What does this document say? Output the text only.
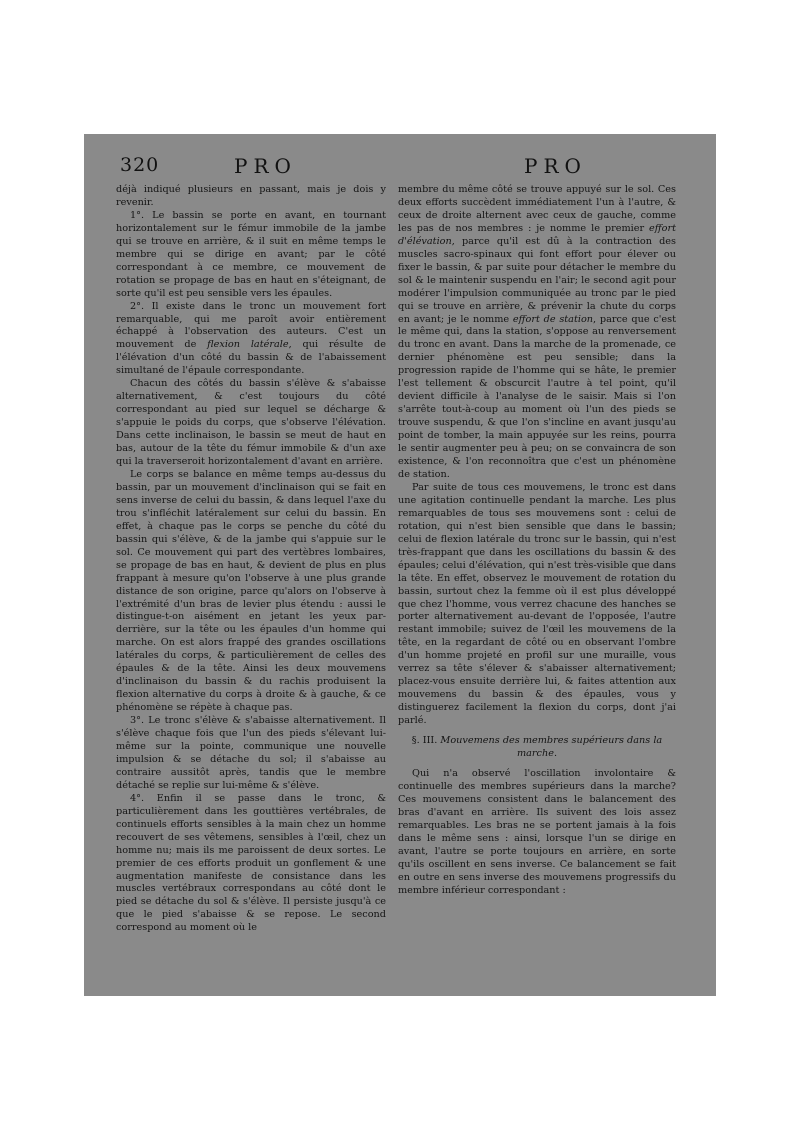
320	PRO	PRO

déjà indiqué plusieurs en passant, mais je dois y revenir.

1°. Le bassin se porte en avant, en tournant horizontalement sur le fémur immobile de la jambe qui se trouve en arrière, & il suit en même temps le membre qui se dirige en avant; par le côté correspondant à ce membre, ce mouvement de rotation se propage de bas en haut en s'éteignant, de sorte qu'il est peu sensible vers les épaules.

2°. Il existe dans le tronc un mouvement fort remarquable, qui me paroît avoir entièrement échappé à l'observation des auteurs. C'est un mouvement de flexion latérale, qui résulte de l'élévation d'un côté du bassin & de l'abaissement simultané de l'épaule correspondante.

Chacun des côtés du bassin s'élève & s'abaisse alternativement, & c'est toujours du côté correspondant au pied sur lequel se décharge & s'appuie le poids du corps, que s'observe l'élévation. Dans cette inclinaison, le bassin se meut de haut en bas, autour de la tête du fémur immobile & d'un axe qui la traverseroit horizontalement d'avant en arrière.

Le corps se balance en même temps au-dessus du bassin, par un mouvement d'inclinaison qui se fait en sens inverse de celui du bassin, & dans lequel l'axe du trou s'infléchit latéralement sur celui du bassin. En effet, à chaque pas le corps se penche du côté du bassin qui s'élève, & de la jambe qui s'appuie sur le sol. Ce mouvement qui part des vertèbres lombaires, se propage de bas en haut, & devient de plus en plus frappant à mesure qu'on l'observe à une plus grande distance de son origine, parce qu'alors on l'observe à l'extrémité d'un bras de levier plus étendu : aussi le distingue-t-on aisément en jetant les yeux par-derrière, sur la tête ou les épaules d'un homme qui marche. On est alors frappé des grandes oscillations latérales du corps, & particulièrement de celles des épaules & de la tête. Ainsi les deux mouvemens d'inclinaison du bassin & du rachis produisent la flexion alternative du corps à droite & à gauche, & ce phénomène se répète à chaque pas.

3°. Le tronc s'élève & s'abaisse alternativement. Il s'élève chaque fois que l'un des pieds s'élevant lui-même sur la pointe, communique une nouvelle impulsion & se détache du sol; il s'abaisse au contraire aussitôt après, tandis que le membre détaché se replie sur lui-même & s'élève.

4°. Enfin il se passe dans le tronc, & particulièrement dans les gouttières vertébrales, de continuels efforts sensibles à la main chez un homme recouvert de ses vêtemens, sensibles à l'œil, chez un homme nu; mais ils me paroissent de deux sortes. Le premier de ces efforts produit un gonflement & une augmentation manifeste de consistance dans les muscles vertébraux correspondans au côté dont le pied se détache du sol & s'élève. Il persiste jusqu'à ce que le pied s'abaisse & se repose. Le second correspond au moment où le

membre du même côté se trouve appuyé sur le sol. Ces deux efforts succèdent immédiatement l'un à l'autre, & ceux de droite alternent avec ceux de gauche, comme les pas de nos membres : je nomme le premier effort d'élévation, parce qu'il est dû à la contraction des muscles sacro-spinaux qui font effort pour élever ou fixer le bassin, & par suite pour détacher le membre du sol & le maintenir suspendu en l'air; le second agit pour modérer l'impulsion communiquée au tronc par le pied qui se trouve en arrière, & prévenir la chute du corps en avant; je le nomme effort de station, parce que c'est le même qui, dans la station, s'oppose au renversement du tronc en avant. Dans la marche de la promenade, ce dernier phénomène est peu sensible; dans la progression rapide de l'homme qui se hâte, le premier l'est tellement & obscurcit l'autre à tel point, qu'il devient difficile à l'analyse de le saisir. Mais si l'on s'arrête tout-à-coup au moment où l'un des pieds se trouve suspendu, & que l'on s'incline en avant jusqu'au point de tomber, la main appuyée sur les reins, pourra le sentir augmenter peu à peu; on se convaincra de son existence, & l'on reconnoîtra que c'est un phénomène de station.

Par suite de tous ces mouvemens, le tronc est dans une agitation continuelle pendant la marche. Les plus remarquables de tous ses mouvemens sont : celui de rotation, qui n'est bien sensible que dans le bassin; celui de flexion latérale du tronc sur le bassin, qui n'est très-frappant que dans les oscillations du bassin & des épaules; celui d'élévation, qui n'est très-visible que dans la tête. En effet, observez le mouvement de rotation du bassin, surtout chez la femme où il est plus développé que chez l'homme, vous verrez chacune des hanches se porter alternativement au-devant de l'opposée, l'autre restant immobile; suivez de l'œil les mouvemens de la tête, en la regardant de côté ou en observant l'ombre d'un homme projeté en profil sur une muraille, vous verrez sa tête s'élever & s'abaisser alternativement; placez-vous ensuite derrière lui, & faites attention aux mouvemens du bassin & des épaules, vous y distinguerez facilement la flexion du corps, dont j'ai parlé.

§. III. Mouvemens des membres supérieurs dans la marche.

Qui n'a observé l'oscillation involontaire & continuelle des membres supérieurs dans la marche? Ces mouvemens consistent dans le balancement des bras d'avant en arrière. Ils suivent des lois assez remarquables. Les bras ne se portent jamais à la fois dans le même sens : ainsi, lorsque l'un se dirige en avant, l'autre se porte toujours en arrière, en sorte qu'ils oscillent en sens inverse. Ce balancement se fait en outre en sens inverse des mouvemens progressifs du membre inférieur correspondant :
